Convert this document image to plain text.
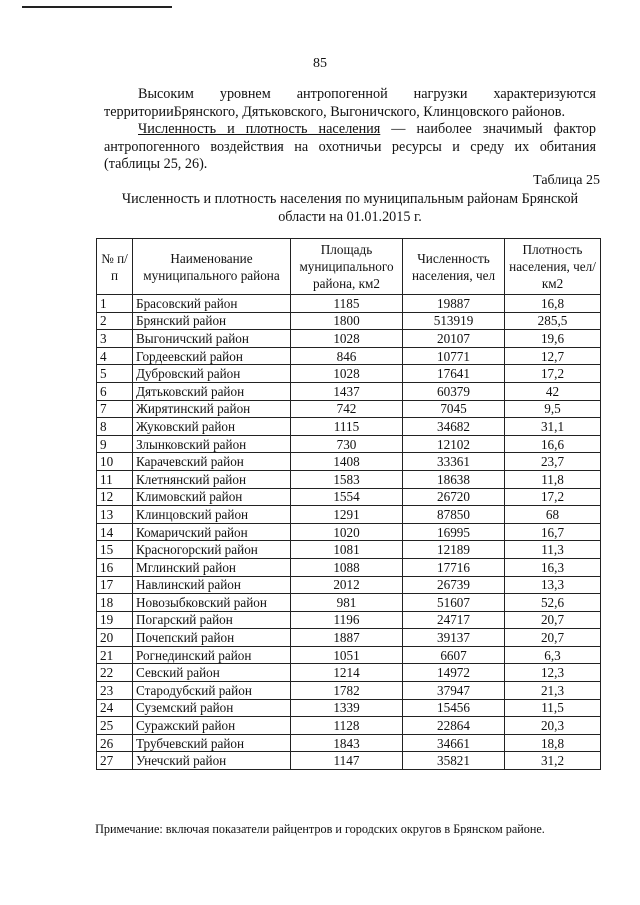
85
Высоким уровнем антропогенной нагрузки характеризуются
территорииБрянского, Дятьковского, Выгоничского, Клинцовского районов.
Численность и плотность населения — наиболее значимый фактор антропогенного воздействия на охотничьи ресурсы и среду их обитания (таблицы 25, 26).
Таблица 25
Численность и плотность населения по муниципальным районам Брянской области на 01.01.2015 г.
№ п/п	Наименование муниципального района	Площадь муниципального района, км2	Численность населения, чел	Плотность населения, чел/ км2
1	Брасовский район	1185	19887	16,8
2	Брянский район	1800	513919	285,5
3	Выгоничский район	1028	20107	19,6
4	Гордеевский район	846	10771	12,7
5	Дубровский район	1028	17641	17,2
6	Дятьковский район	1437	60379	42
7	Жирятинский район	742	7045	9,5
8	Жуковский район	1115	34682	31,1
9	Злынковский район	730	12102	16,6
10	Карачевский район	1408	33361	23,7
11	Клетнянский район	1583	18638	11,8
12	Климовский район	1554	26720	17,2
13	Клинцовский район	1291	87850	68
14	Комаричский район	1020	16995	16,7
15	Красногорский район	1081	12189	11,3
16	Мглинский район	1088	17716	16,3
17	Навлинский район	2012	26739	13,3
18	Новозыбковский район	981	51607	52,6
19	Погарский район	1196	24717	20,7
20	Почепский район	1887	39137	20,7
21	Рогнединский район	1051	6607	6,3
22	Севский район	1214	14972	12,3
23	Стародубский район	1782	37947	21,3
24	Суземский район	1339	15456	11,5
25	Суражский район	1128	22864	20,3
26	Трубчевский район	1843	34661	18,8
27	Унечский район	1147	35821	31,2
Примечание: включая показатели райцентров и городских округов в Брянском районе.
